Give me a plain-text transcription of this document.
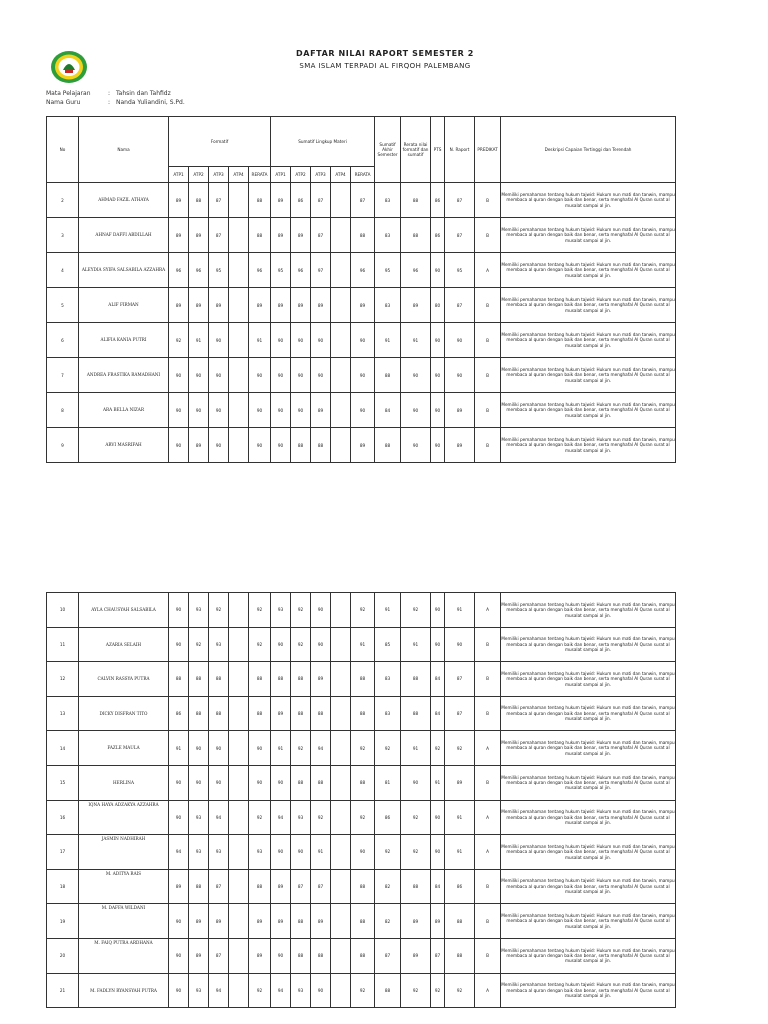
DAFTAR NILAI RAPORT SEMESTER 2
SMA ISLAM TERPADI AL FIRQOH PALEMBANG
Mata Pelajaran	: Tahsin dan Tahfidz
Nama Guru	: Nanda Yuliandini, S.Pd.
No	Nama	Formatif					Sumatif Lingkup Materi					Sumatif Akhir Semester	Rerata nilai formatif dan sumatif	PTS	N. Raport	PREDIKAT	Deskripsi Capaian Tertinggi dan Terendah
		ATP1	ATP2	ATP3	ATP4	RERATA	ATP1	ATP2	ATP3	ATP4	RERATA						
2	AHMAD FAZIL ATHAYA	89	88	87		88	89	86	87		87	83	88	86	87	B	Memiliki pemahaman tentang hukum tajwid: Hukum nun mati dan tanwin, mampu membaca al quran dengan baik dan benar, serta menghafal Al Quran surat al musalat sampai al jin.
3	AHNAF DAFFI ABDILLAH	89	89	87		88	89	89	87		88	83	88	86	87	B	Memiliki pemahaman tentang hukum tajwid: Hukum nun mati dan tanwin, mampu membaca al quran dengan baik dan benar, serta menghafal Al Quran surat al musalat sampai al jin.
4	ALEYDIA SYIFA SALSABILA AZZAHRA	96	96	95		96	95	96	97		96	95	96	90	95	A	Memiliki pemahaman tentang hukum tajwid: Hukum nun mati dan tanwin, mampu membaca al quran dengan baik dan benar, serta menghafal Al Quran surat al musalat sampai al jin.
5	ALIF FIRMAN	89	89	89		89	89	89	89		89	83	89	80	87	B	Memiliki pemahaman tentang hukum tajwid: Hukum nun mati dan tanwin, mampu membaca al quran dengan baik dan benar, serta menghafal Al Quran surat al musalat sampai al jin.
6	ALIFIA KANIA PUTRI	92	91	90		91	90	90	90		90	91	91	90	90	B	Memiliki pemahaman tentang hukum tajwid: Hukum nun mati dan tanwin, mampu membaca al quran dengan baik dan benar, serta menghafal Al Quran surat al musalat sampai al jin.
7	ANDREA FRASTIKA RAMADHANI	90	90	90		90	90	90	90		90	88	90	90	90	B	Memiliki pemahaman tentang hukum tajwid: Hukum nun mati dan tanwin, mampu membaca al quran dengan baik dan benar, serta menghafal Al Quran surat al musalat sampai al jin.
8	ARA BELLA NIZAR	90	90	90		90	90	90	89		90	84	90	90	89	B	Memiliki pemahaman tentang hukum tajwid: Hukum nun mati dan tanwin, mampu membaca al quran dengan baik dan benar, serta menghafal Al Quran surat al musalat sampai al jin.
9	ARVI MASRIFAH	90	89	90		90	90	88	88		89	88	90	90	89	B	Memiliki pemahaman tentang hukum tajwid: Hukum nun mati dan tanwin, mampu membaca al quran dengan baik dan benar, serta menghafal Al Quran surat al musalat sampai al jin.
10	AYLA CHAUSYAH SALSABILA	90	93	92		92	93	92	90		92	91	92	90	91	A	Memiliki pemahaman tentang hukum tajwid: Hukum nun mati dan tanwin, mampu membaca al quran dengan baik dan benar, serta menghafal Al Quran surat al musalat sampai al jin.
11	AZARIA SELAIH	90	92	93		92	90	92	90		91	85	91	90	90	B	Memiliki pemahaman tentang hukum tajwid: Hukum nun mati dan tanwin, mampu membaca al quran dengan baik dan benar, serta menghafal Al Quran surat al musalat sampai al jin.
12	CALVIN RASSYA PUTRA	88	88	88		88	88	88	89		88	83	88	84	87	B	Memiliki pemahaman tentang hukum tajwid: Hukum nun mati dan tanwin, mampu membaca al quran dengan baik dan benar, serta menghafal Al Quran surat al musalat sampai al jin.
13	DICKY DISFRAN TITO	86	88	88		88	89	88	88		88	83	88	84	87	B	Memiliki pemahaman tentang hukum tajwid: Hukum nun mati dan tanwin, mampu membaca al quran dengan baik dan benar, serta menghafal Al Quran surat al musalat sampai al jin.
14	FAZLE MAULA	91	90	90		90	91	92	94		92	92	91	92	92	A	Memiliki pemahaman tentang hukum tajwid: Hukum nun mati dan tanwin, mampu membaca al quran dengan baik dan benar, serta menghafal Al Quran surat al musalat sampai al jin.
15	HERLINA	90	90	90		90	90	88	88		88	81	90	91	89	B	Memiliki pemahaman tentang hukum tajwid: Hukum nun mati dan tanwin, mampu membaca al quran dengan baik dan benar, serta menghafal Al Quran surat al musalat sampai al jin.
16	IQNA HAYA ADZAKYA AZZAHRA	90	93	94		92	94	93	92		92	86	92	90	91	A	Memiliki pemahaman tentang hukum tajwid: Hukum nun mati dan tanwin, mampu membaca al quran dengan baik dan benar, serta menghafal Al Quran surat al musalat sampai al jin.
17	JASMIN NADHIRAH	94	93	93		93	90	90	91		90	92	92	90	91	A	Memiliki pemahaman tentang hukum tajwid: Hukum nun mati dan tanwin, mampu membaca al quran dengan baik dan benar, serta menghafal Al Quran surat al musalat sampai al jin.
18	M. ADITYA RAIS	89	88	87		88	89	87	87		88	82	88	84	86	B	Memiliki pemahaman tentang hukum tajwid: Hukum nun mati dan tanwin, mampu membaca al quran dengan baik dan benar, serta menghafal Al Quran surat al musalat sampai al jin.
19	M. DAFFA WILDANI	90	89	89		89	89	88	89		88	82	89	89	88	B	Memiliki pemahaman tentang hukum tajwid: Hukum nun mati dan tanwin, mampu membaca al quran dengan baik dan benar, serta menghafal Al Quran surat al musalat sampai al jin.
20	M. FAIQ PUTRA ARDHANA	90	89	87		89	90	88	88		88	87	89	87	88	B	Memiliki pemahaman tentang hukum tajwid: Hukum nun mati dan tanwin, mampu membaca al quran dengan baik dan benar, serta menghafal Al Quran surat al musalat sampai al jin.
21	M. FADLYN RYANSYAH PUTRA	90	93	94		92	94	93	90		92	88	92	92	92	A	Memiliki pemahaman tentang hukum tajwid: Hukum nun mati dan tanwin, mampu membaca al quran dengan baik dan benar, serta menghafal Al Quran surat al musalat sampai al jin.
